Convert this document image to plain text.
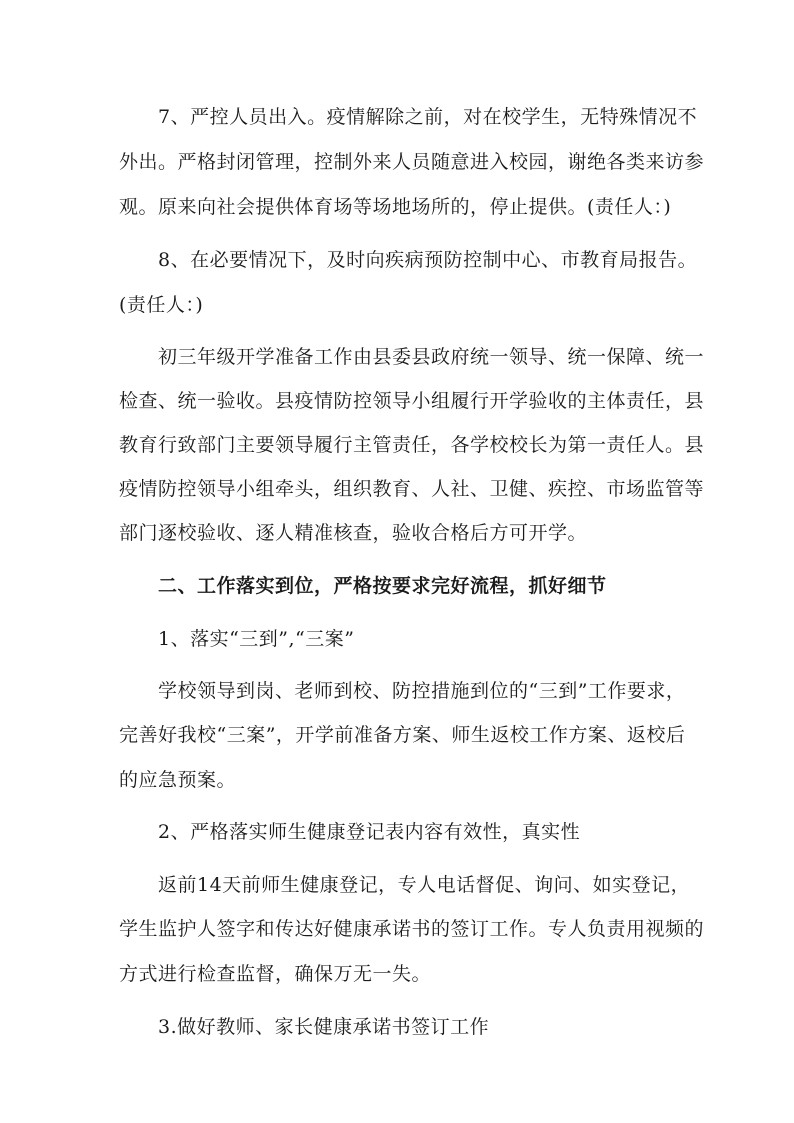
7、严控人员出入。疫情解除之前，对在校学生，无特殊情况不
外出。严格封闭管理，控制外来人员随意进入校园，谢绝各类来访参
观。原来向社会提供体育场等场地场所的，停止提供。(责任人：)
8、在必要情况下，及时向疾病预防控制中心、市教育局报告。
(责任人：)
初三年级开学准备工作由县委县政府统一领导、统一保障、统一
检查、统一验收。县疫情防控领导小组履行开学验收的主体责任，县
教育行致部门主要领导履行主管责任，各学校校长为第一责任人。县
疫情防控领导小组牵头，组织教育、人社、卫健、疾控、市场监管等
部门逐校验收、逐人精准核查，验收合格后方可开学。
二、工作落实到位，严格按要求完好流程，抓好细节
1、落实“三到”,“三案”
学校领导到岗、老师到校、防控措施到位的“三到”工作要求，
完善好我校“三案”，开学前准备方案、师生返校工作方案、返校后
的应急预案。
2、严格落实师生健康登记表内容有效性，真实性
返前14天前师生健康登记，专人电话督促、询问、如实登记，
学生监护人签字和传达好健康承诺书的签订工作。专人负责用视频的
方式进行检查监督，确保万无一失。
3.做好教师、家长健康承诺书签订工作
